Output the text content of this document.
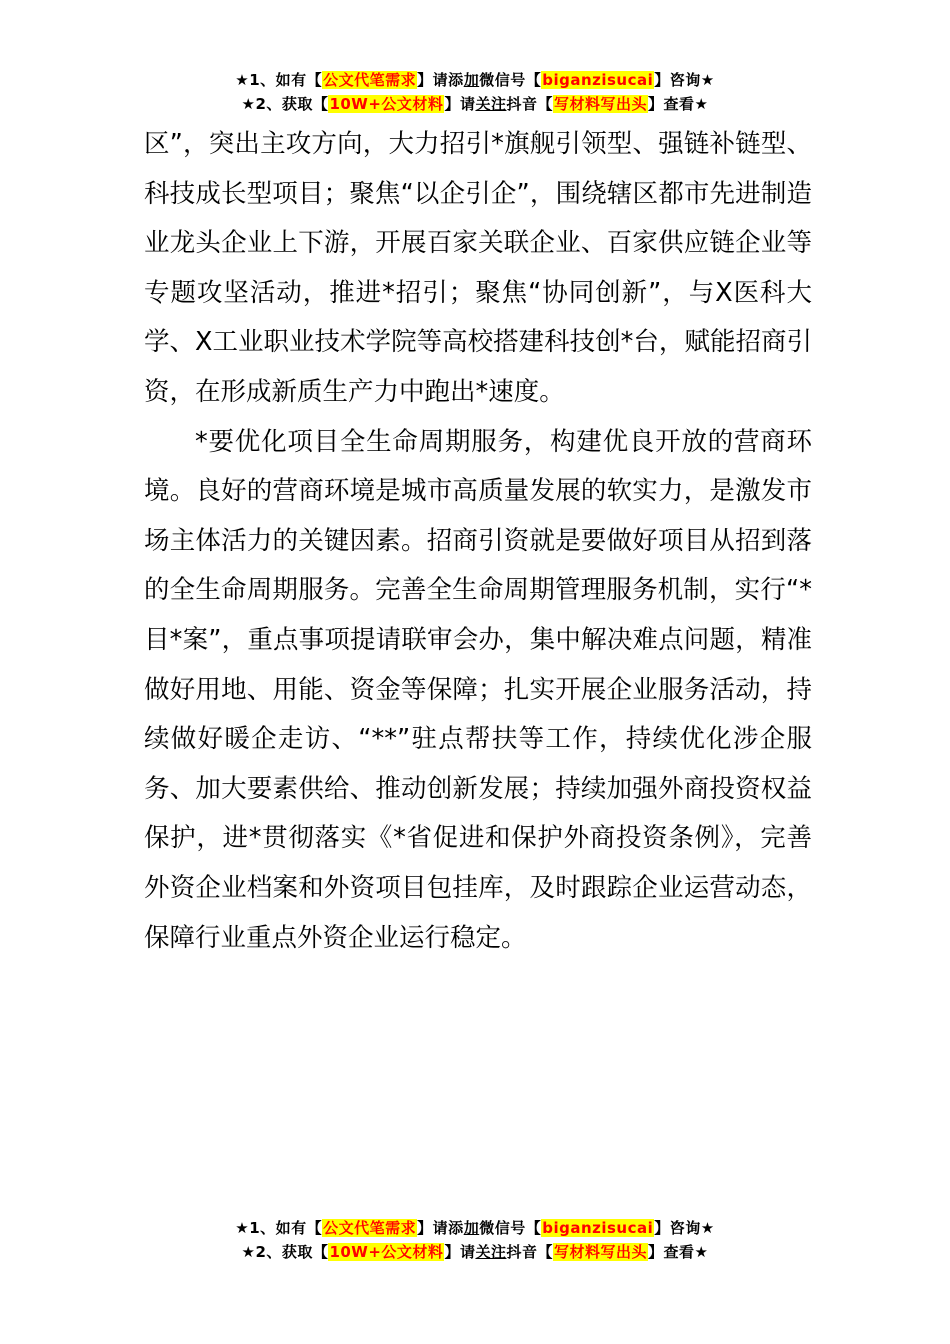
★1、如有【公文代笔需求】请添加微信号【biganzisucai】咨询★
★2、获取【10W+公文材料】请关注抖音【写材料写出头】查看★

区”，突出主攻方向，大力招引*旗舰引领型、强链补链型、科技成长型项目；聚焦“以企引企”，围绕辖区都市先进制造业龙头企业上下游，开展百家关联企业、百家供应链企业等专题攻坚活动，推进*招引；聚焦“协同创新”，与X医科大学、X工业职业技术学院等高校搭建科技创*台，赋能招商引资，在形成新质生产力中跑出*速度。

*要优化项目全生命周期服务，构建优良开放的营商环境。良好的营商环境是城市高质量发展的软实力，是激发市场主体活力的关键因素。招商引资就是要做好项目从招到落的全生命周期服务。完善全生命周期管理服务机制，实行“*目*案”，重点事项提请联审会办，集中解决难点问题，精准做好用地、用能、资金等保障；扎实开展企业服务活动，持续做好暖企走访、“**”驻点帮扶等工作，持续优化涉企服务、加大要素供给、推动创新发展；持续加强外商投资权益保护，进*贯彻落实《*省促进和保护外商投资条例》，完善外资企业档案和外资项目包挂库，及时跟踪企业运营动态，保障行业重点外资企业运行稳定。

★1、如有【公文代笔需求】请添加微信号【biganzisucai】咨询★
★2、获取【10W+公文材料】请关注抖音【写材料写出头】查看★
